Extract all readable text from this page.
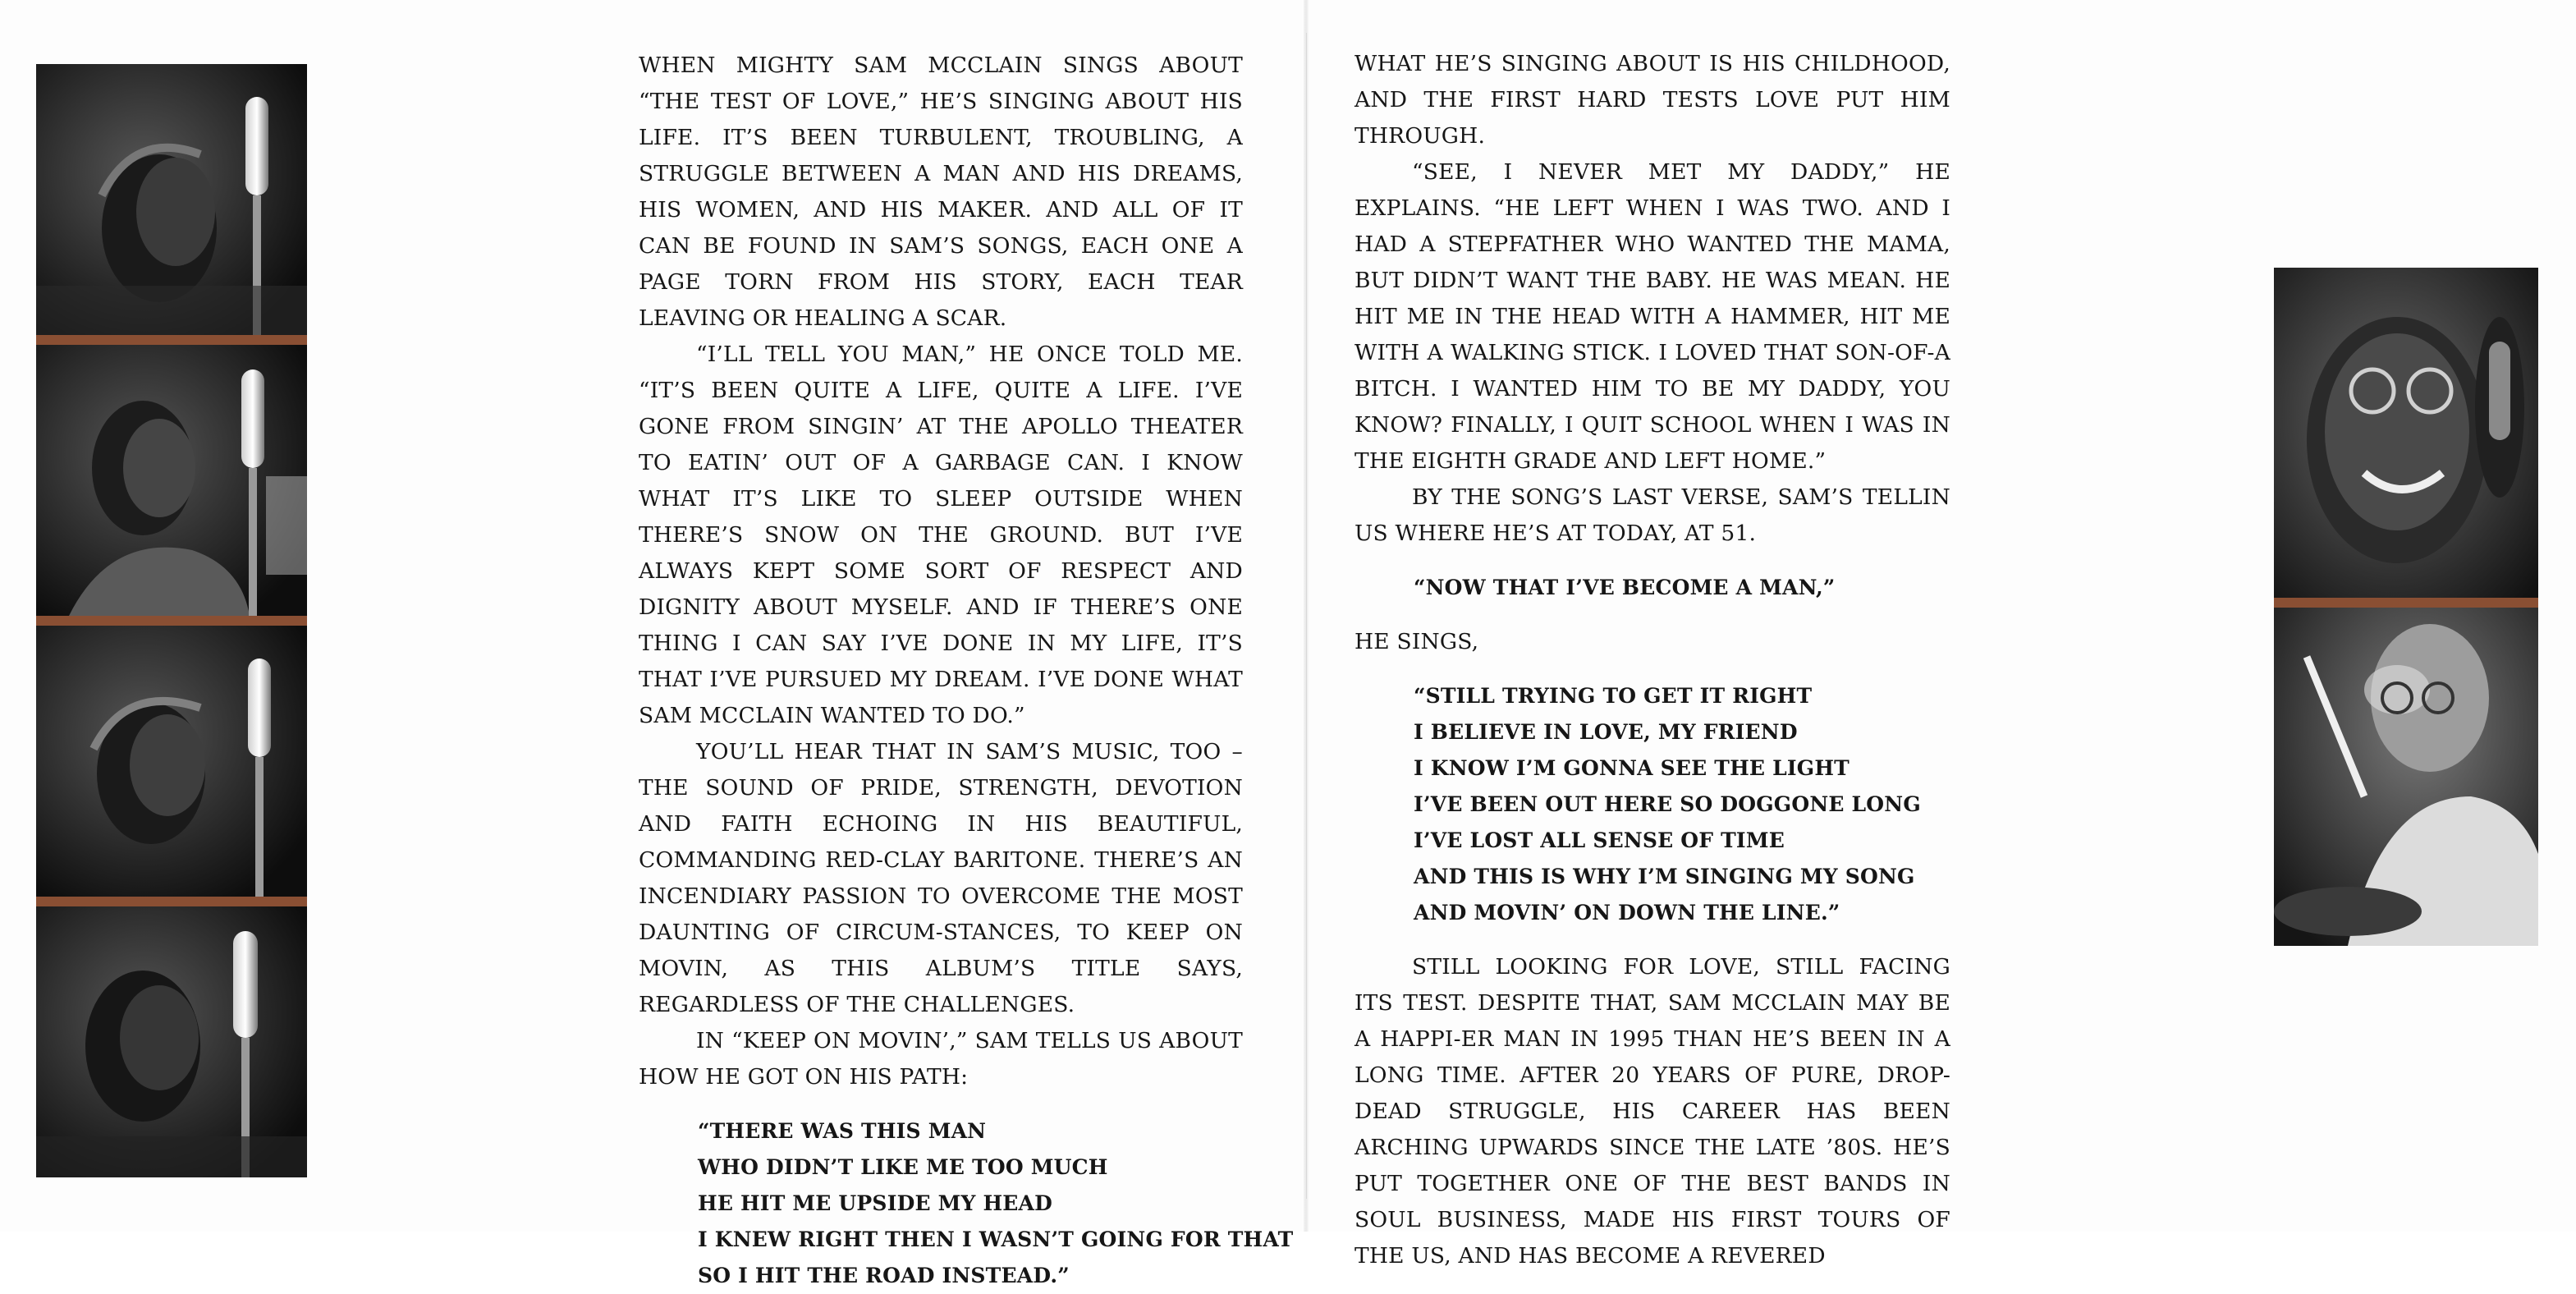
WHEN MIGHTY SAM MCCLAIN SINGS ABOUT “THE TEST OF LOVE,” HE’S SINGING ABOUT HIS LIFE. IT’S BEEN TURBULENT, TROUBLING, A STRUGGLE BETWEEN A MAN AND HIS DREAMS, HIS WOMEN, AND HIS MAKER. AND ALL OF IT CAN BE FOUND IN SAM’S SONGS, EACH ONE A PAGE TORN FROM HIS STORY, EACH TEAR LEAVING OR HEALING A SCAR.

“I’LL TELL YOU MAN,” HE ONCE TOLD ME. “IT’S BEEN QUITE A LIFE, QUITE A LIFE. I’VE GONE FROM SINGIN’ AT THE APOLLO THEATER TO EATIN’ OUT OF A GARBAGE CAN. I KNOW WHAT IT’S LIKE TO SLEEP OUTSIDE WHEN THERE’S SNOW ON THE GROUND. BUT I’VE ALWAYS KEPT SOME SORT OF RESPECT AND DIGNITY ABOUT MYSELF. AND IF THERE’S ONE THING I CAN SAY I’VE DONE IN MY LIFE, IT’S THAT I’VE PURSUED MY DREAM. I’VE DONE WHAT SAM MCCLAIN WANTED TO DO.”

YOU’LL HEAR THAT IN SAM’S MUSIC, TOO – THE SOUND OF PRIDE, STRENGTH, DEVOTION AND FAITH ECHOING IN HIS BEAUTIFUL, COMMANDING RED-CLAY BARITONE. THERE’S AN INCENDIARY PASSION TO OVERCOME THE MOST DAUNTING OF CIRCUM-STANCES, TO KEEP ON MOVIN, AS THIS ALBUM’S TITLE SAYS, REGARDLESS OF THE CHALLENGES.

IN “KEEP ON MOVIN’,” SAM TELLS US ABOUT HOW HE GOT ON HIS PATH:

“THERE WAS THIS MAN
WHO DIDN’T LIKE ME TOO MUCH
HE HIT ME UPSIDE MY HEAD
I KNEW RIGHT THEN I WASN’T GOING FOR THAT
SO I HIT THE ROAD INSTEAD.”

WHAT HE’S SINGING ABOUT IS HIS CHILDHOOD, AND THE FIRST HARD TESTS LOVE PUT HIM THROUGH.

“SEE, I NEVER MET MY DADDY,” HE EXPLAINS. “HE LEFT WHEN I WAS TWO. AND I HAD A STEPFATHER WHO WANTED THE MAMA, BUT DIDN’T WANT THE BABY. HE WAS MEAN. HE HIT ME IN THE HEAD WITH A HAMMER, HIT ME WITH A WALKING STICK. I LOVED THAT SON-OF-A BITCH. I WANTED HIM TO BE MY DADDY, YOU KNOW? FINALLY, I QUIT SCHOOL WHEN I WAS IN THE EIGHTH GRADE AND LEFT HOME.”

BY THE SONG’S LAST VERSE, SAM’S TELLIN US WHERE HE’S AT TODAY, AT 51.

“NOW THAT I’VE BECOME A MAN,”

HE SINGS,

“STILL TRYING TO GET IT RIGHT
I BELIEVE IN LOVE, MY FRIEND
I KNOW I’M GONNA SEE THE LIGHT
I’VE BEEN OUT HERE SO DOGGONE LONG
I’VE LOST ALL SENSE OF TIME
AND THIS IS WHY I’M SINGING MY SONG
AND MOVIN’ ON DOWN THE LINE.”

STILL LOOKING FOR LOVE, STILL FACING ITS TEST. DESPITE THAT, SAM MCCLAIN MAY BE A HAPPI-ER MAN IN 1995 THAN HE’S BEEN IN A LONG TIME. AFTER 20 YEARS OF PURE, DROP-DEAD STRUGGLE, HIS CAREER HAS BEEN ARCHING UPWARDS SINCE THE LATE ’80S. HE’S PUT TOGETHER ONE OF THE BEST BANDS IN SOUL BUSINESS, MADE HIS FIRST TOURS OF THE US, AND HAS BECOME A REVERED
